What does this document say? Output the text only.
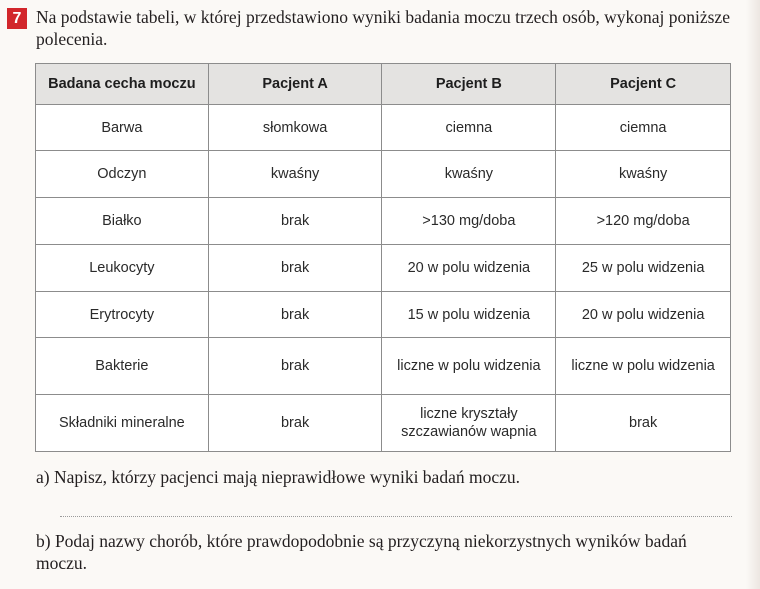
7 Na podstawie tabeli, w której przedstawiono wyniki badania moczu trzech osób, wykonaj poniższe polecenia.
Badana cecha moczu	Pacjent A	Pacjent B	Pacjent C
Barwa	słomkowa	ciemna	ciemna
Odczyn	kwaśny	kwaśny	kwaśny
Białko	brak	>130 mg/doba	>120 mg/doba
Leukocyty	brak	20 w polu widzenia	25 w polu widzenia
Erytrocyty	brak	15 w polu widzenia	20 w polu widzenia
Bakterie	brak	liczne w polu widzenia	liczne w polu widzenia
Składniki mineralne	brak	liczne kryształy szczawianów wapnia	brak
a) Napisz, którzy pacjenci mają nieprawidłowe wyniki badań moczu.
b) Podaj nazwy chorób, które prawdopodobnie są przyczyną niekorzystnych wyników badań moczu.
